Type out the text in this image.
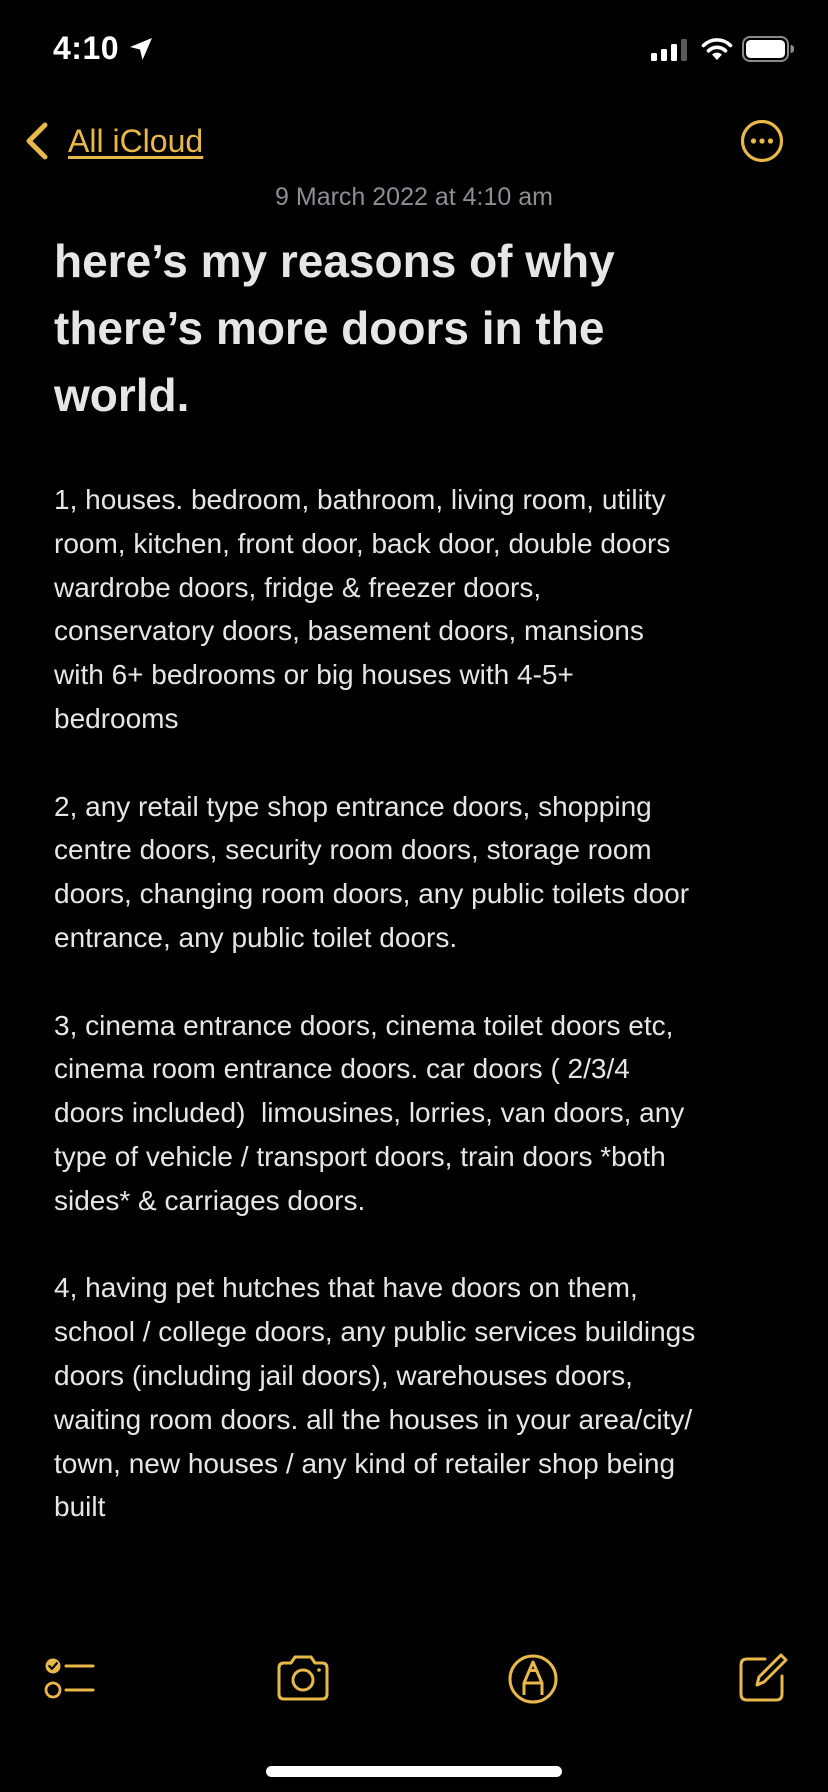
4:10
All iCloud
9 March 2022 at 4:10 am
here’s my reasons of why
there’s more doors in the
world.

1, houses. bedroom, bathroom, living room, utility
room, kitchen, front door, back door, double doors
wardrobe doors, fridge & freezer doors,
conservatory doors, basement doors, mansions
with 6+ bedrooms or big houses with 4-5+
bedrooms

2, any retail type shop entrance doors, shopping
centre doors, security room doors, storage room
doors, changing room doors, any public toilets door
entrance, any public toilet doors.

3, cinema entrance doors, cinema toilet doors etc,
cinema room entrance doors. car doors ( 2/3/4
doors included)  limousines, lorries, van doors, any
type of vehicle / transport doors, train doors *both
sides* & carriages doors.

4, having pet hutches that have doors on them,
school / college doors, any public services buildings
doors (including jail doors), warehouses doors,
waiting room doors. all the houses in your area/city/
town, new houses / any kind of retailer shop being
built
